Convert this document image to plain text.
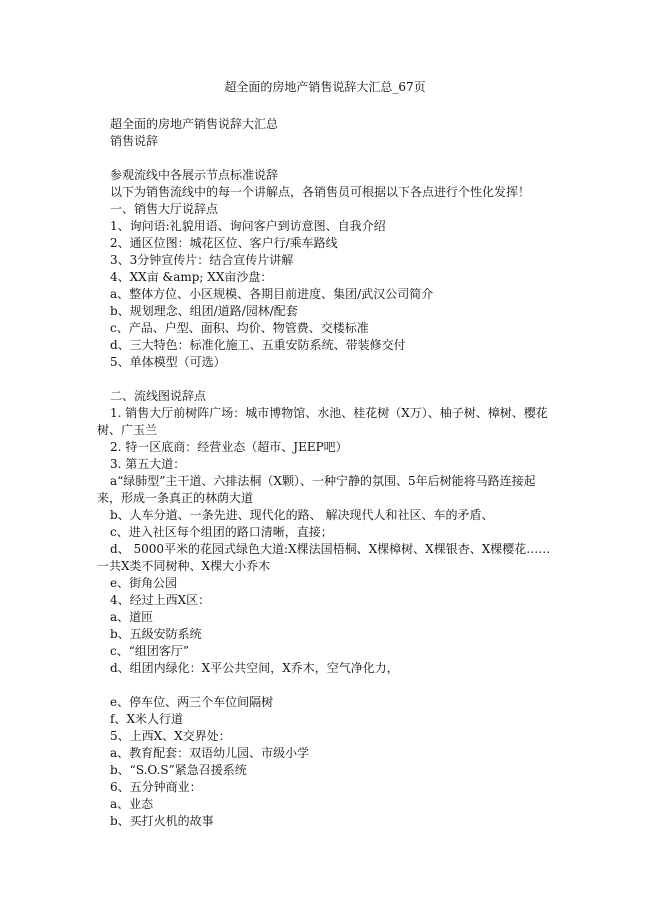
超全面的房地产销售说辞大汇总_67页
超全面的房地产销售说辞大汇总
销售说辞
参观流线中各展示节点标准说辞
以下为销售流线中的每一个讲解点，各销售员可根据以下各点进行个性化发挥！
一、销售大厅说辞点
1、询问语:礼貌用语、询问客户到访意图、自我介绍
2、通区位图：城花区位、客户行/乘车路线
3、3分钟宣传片：结合宣传片讲解
4、XX亩 &amp; XX亩沙盘：
a、整体方位、小区规模、各期目前进度、集团/武汉公司简介
b、规划理念、组团/道路/园林/配套
c、产品、户型、面积、均价、物管费、交楼标准
d、三大特色：标准化施工、五重安防系统、带装修交付
5、单体模型（可选）
二、流线图说辞点
1. 销售大厅前树阵广场：城市博物馆、水池、桂花树（X万）、柚子树、樟树、樱花树、广玉兰
2. 特一区底商：经营业态（超市、JEEP吧）
3. 第五大道：
a“绿肺型”主干道、六排法桐（X颗）、一种宁静的氛围、5年后树能将马路连接起来，形成一条真正的林荫大道
b、人车分道、一条先进、现代化的路、 解决现代人和社区、车的矛盾、
c、进入社区每个组团的路口清晰，直接；
d、 5000平米的花园式绿色大道:X棵法国梧桐、X棵樟树、X棵银杏、X棵樱花……一共X类不同树种、X棵大小乔木
e、街角公园
4、经过上西X区：
a、道匝
b、五级安防系统
c、“组团客厅”
d、组团内绿化：X平公共空间，X乔木，空气净化力，
e、停车位、两三个车位间隔树
f、X米人行道
5、上西X、X交界处：
a、教育配套：双语幼儿园、市级小学
b、“S.O.S”紧急召援系统
6、五分钟商业：
a、业态
b、买打火机的故事
